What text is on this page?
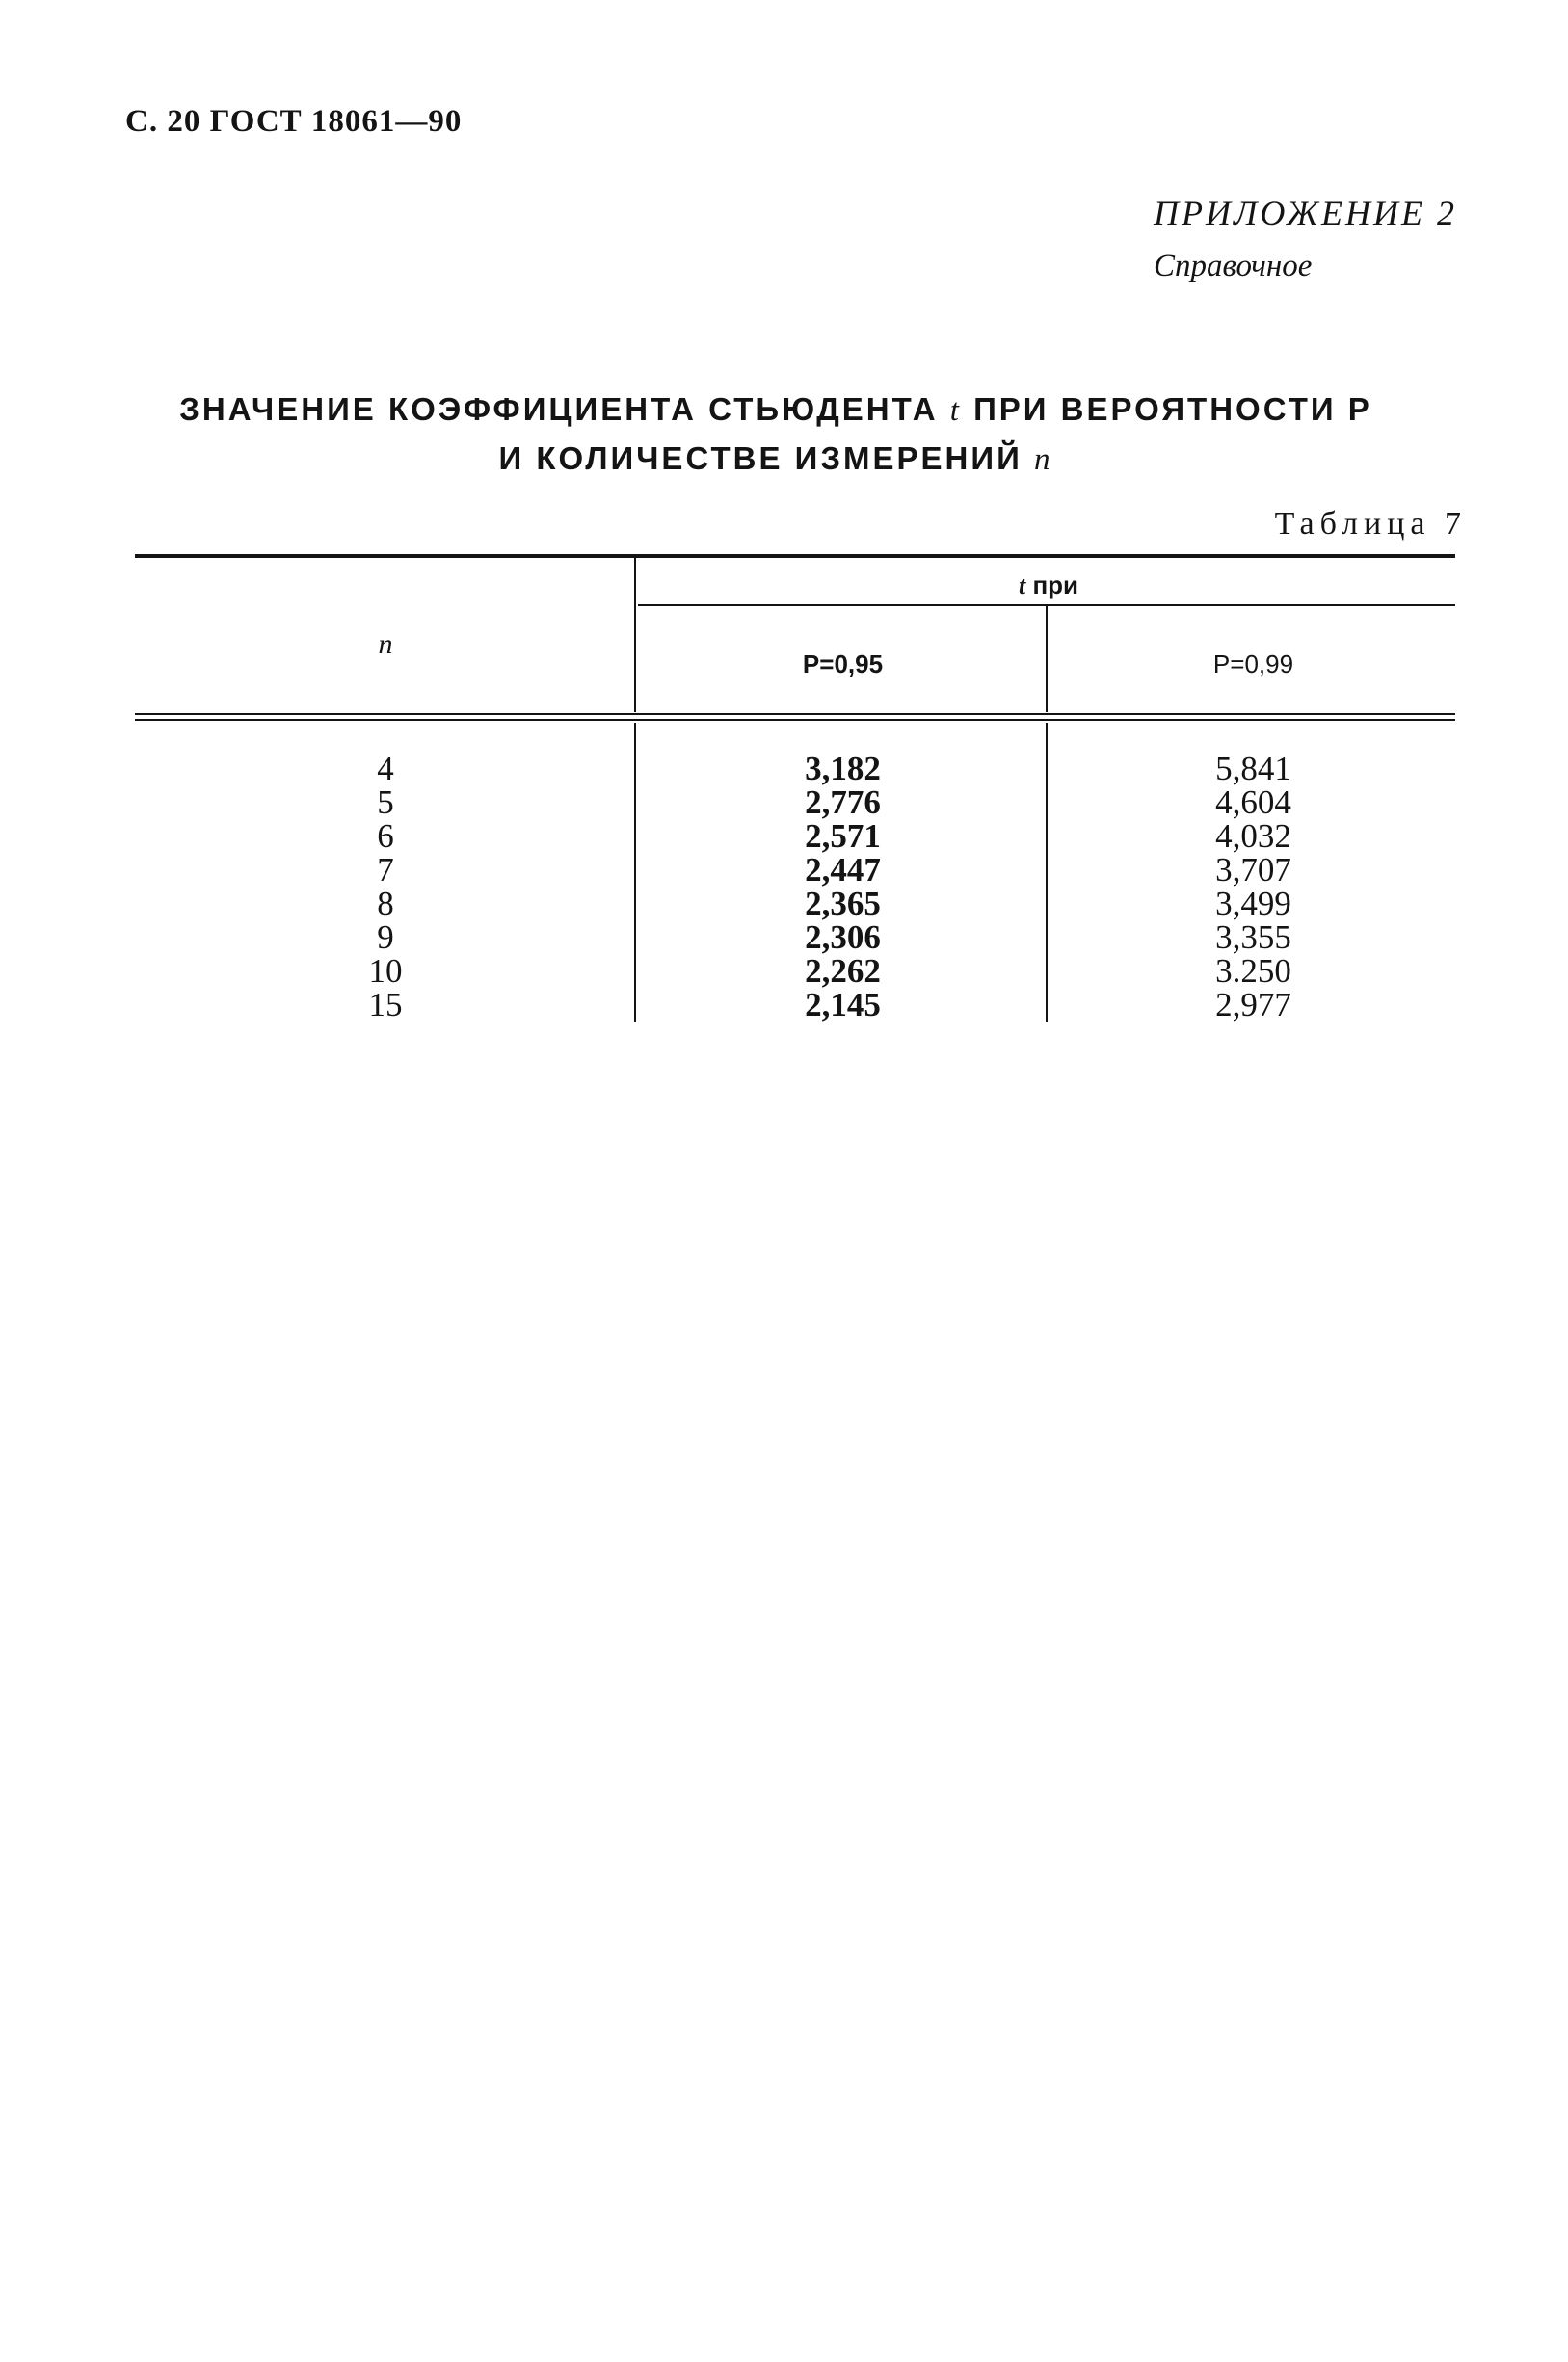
С. 20 ГОСТ 18061—90
ПРИЛОЖЕНИЕ 2
Справочное
ЗНАЧЕНИЕ КОЭФФИЦИЕНТА СТЬЮДЕНТА t ПРИ ВЕРОЯТНОСТИ Р
И КОЛИЧЕСТВЕ ИЗМЕРЕНИЙ n
Таблица 7
n
t при
P=0,95	P=0,99
4
5
6
7
8
9
10
15
3,182
2,776
2,571
2,447
2,365
2,306
2,262
2,145
5,841
4,604
4,032
3,707
3,499
3,355
3.250
2,977
